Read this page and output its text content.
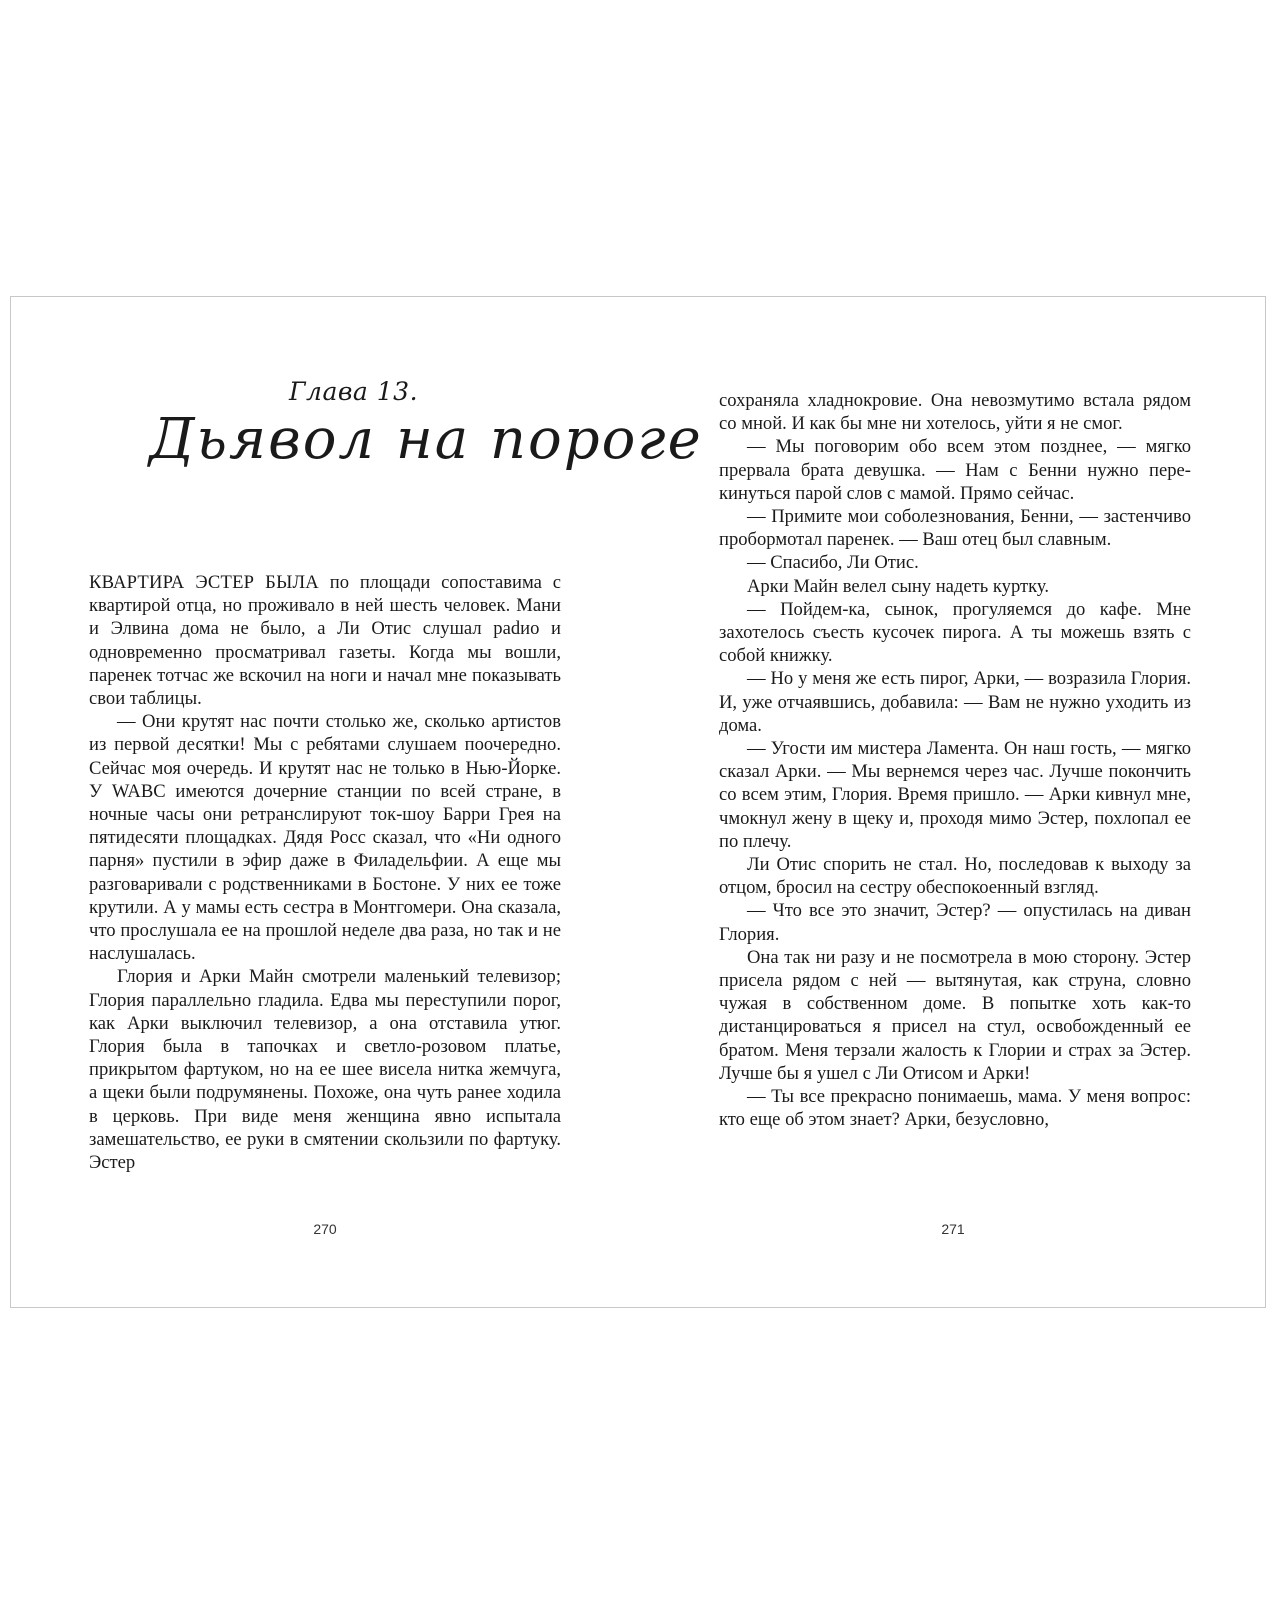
Глава 13.
Дьявол на пороге

КВАРТИРА ЭСТЕР БЫЛА по площади сопоставима с квартирой отца, но проживало в ней шесть человек. Мани и Элвина дома не было, а Ли Отис слушал раdио и одновременно просматривал газеты. Когда мы вошли, паренек тотчас же вскочил на ноги и начал мне показывать свои таблицы.

— Они крутят нас почти столько же, сколько артистов из первой десятки! Мы с ребятами слушаем поочередно. Сейчас моя очередь. И крутят нас не только в Нью-Йорке. У WABC имеются дочерние станции по всей стране, в ночные часы они ретранслируют ток-шоу Барри Грея на пятидесяти площадках. Дядя Росс сказал, что «Ни одного парня» пустили в эфир даже в Филадельфии. А еще мы разговаривали с родственниками в Бостоне. У них ее тоже крутили. А у мамы есть сестра в Монтгомери. Она сказала, что прослушала ее на прошлой неделе два раза, но так и не наслушалась.

Глория и Арки Майн смотрели маленький телевизор; Глория параллельно гладила. Едва мы переступили порог, как Арки выключил телевизор, а она отставила утюг. Глория была в тапочках и светло-розовом платье, прикрытом фартуком, но на ее шее висела нитка жемчуга, а щеки были подрумянены. Похоже, она чуть ранее ходила в церковь. При виде меня женщина явно испытала замешательство, ее руки в смятении скользили по фартуку. Эстер

270

сохраняла хладнокровие. Она невозмутимо встала рядом со мной. И как бы мне ни хотелось, уйти я не смог.

— Мы поговорим обо всем этом позднее, — мягко прервала брата девушка. — Нам с Бенни нужно перекинуться парой слов с мамой. Прямо сейчас.

— Примите мои соболезнования, Бенни, — застенчиво пробормотал паренек. — Ваш отец был славным.

— Спасибо, Ли Отис.

Арки Майн велел сыну надеть куртку.

— Пойдем-ка, сынок, прогуляемся до кафе. Мне захотелось съесть кусочек пирога. А ты можешь взять с собой книжку.

— Но у меня же есть пирог, Арки, — возразила Глория. И, уже отчаявшись, добавила: — Вам не нужно уходить из дома.

— Угости им мистера Ламента. Он наш гость, — мягко сказал Арки. — Мы вернемся через час. Лучше покончить со всем этим, Глория. Время пришло. — Арки кивнул мне, чмокнул жену в щеку и, проходя мимо Эстер, похлопал ее по плечу.

Ли Отис спорить не стал. Но, последовав к выходу за отцом, бросил на сестру обеспокоенный взгляд.

— Что все это значит, Эстер? — опустилась на диван Глория.

Она так ни разу и не посмотрела в мою сторону. Эстер присела рядом с ней — вытянутая, как струна, словно чужая в собственном доме. В попытке хоть как-то дистанцироваться я присел на стул, освобожденный ее братом. Меня терзали жалость к Глории и страх за Эстер. Лучше бы я ушел с Ли Отисом и Арки!

— Ты все прекрасно понимаешь, мама. У меня вопрос: кто еще об этом знает? Арки, безусловно,

271
